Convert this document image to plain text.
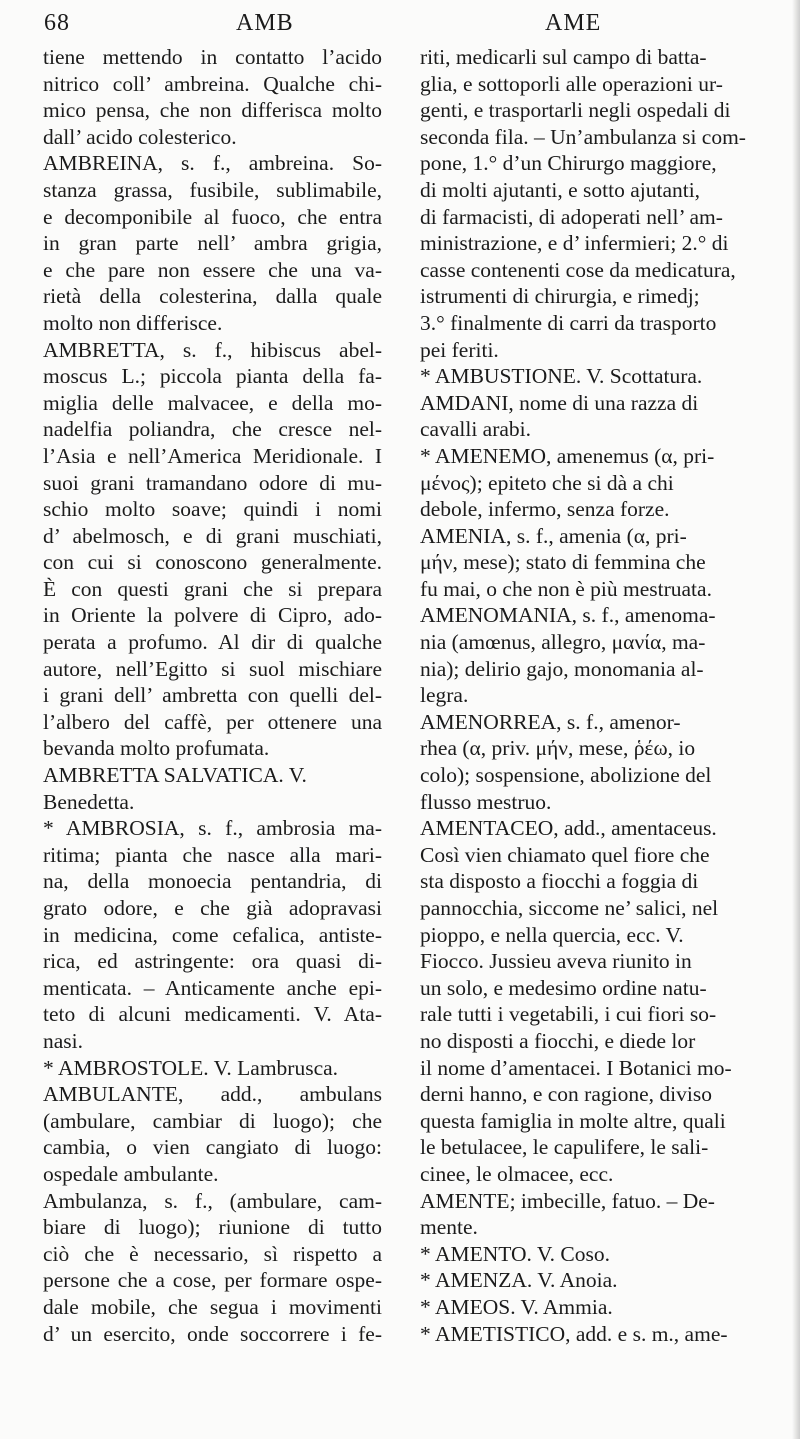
68	AMB	AME
tiene mettendo in contatto l’acido
nitrico coll’ ambreina. Qualche chi-
mico pensa, che non differisca molto
dall’ acido colesterico.
AMBREINA, s. f., ambreina. So-
stanza grassa, fusibile, sublimabile,
e decomponibile al fuoco, che entra
in gran parte nell’ ambra grigia,
e che pare non essere che una va-
rietà della colesterina, dalla quale
molto non differisce.
AMBRETTA, s. f., hibiscus abel-
moscus L.; piccola pianta della fa-
miglia delle malvacee, e della mo-
nadelfia poliandra, che cresce nel-
l’Asia e nell’America Meridionale. I
suoi grani tramandano odore di mu-
schio molto soave; quindi i nomi
d’ abelmosch, e di grani muschiati,
con cui si conoscono generalmente.
È con questi grani che si prepara
in Oriente la polvere di Cipro, ado-
perata a profumo. Al dir di qualche
autore, nell’Egitto si suol mischiare
i grani dell’ ambretta con quelli del-
l’albero del caffè, per ottenere una
bevanda molto profumata.
AMBRETTA SALVATICA. V.
Benedetta.
* AMBROSIA, s. f., ambrosia ma-
ritima; pianta che nasce alla mari-
na, della monoecia pentandria, di
grato odore, e che già adopravasi
in medicina, come cefalica, antiste-
rica, ed astringente: ora quasi di-
menticata. – Anticamente anche epi-
teto di alcuni medicamenti. V. Ata-
nasi.
* AMBROSTOLE. V. Lambrusca.
AMBULANTE, add., ambulans
(ambulare, cambiar di luogo); che
cambia, o vien cangiato di luogo:
ospedale ambulante.
Ambulanza, s. f., (ambulare, cam-
biare di luogo); riunione di tutto
ciò che è necessario, sì rispetto a
persone che a cose, per formare ospe-
dale mobile, che segua i movimenti
d’ un esercito, onde soccorrere i fe-
riti, medicarli sul campo di batta-
glia, e sottoporli alle operazioni ur-
genti, e trasportarli negli ospedali di
seconda fila. – Un’ambulanza si com-
pone, 1.° d’un Chirurgo maggiore,
di molti ajutanti, e sotto ajutanti,
di farmacisti, di adoperati nell’ am-
ministrazione, e d’ infermieri; 2.° di
casse contenenti cose da medicatura,
istrumenti di chirurgia, e rimedj;
3.° finalmente di carri da trasporto
pei feriti.
* AMBUSTIONE. V. Scottatura.
AMDANI, nome di una razza di
cavalli arabi.
* AMENEMO, amenemus (α, pri-
μένος); epiteto che si dà a chi
debole, infermo, senza forze.
AMENIA, s. f., amenia (α, pri-
μήν, mese); stato di femmina che
fu mai, o che non è più mestruata.
AMENOMANIA, s. f., amenoma-
nia (amœnus, allegro, μανία, ma-
nia); delirio gajo, monomania al-
legra.
AMENORREA, s. f., amenor-
rhea (α, priv. μήν, mese, ῥέω, io
colo); sospensione, abolizione del
flusso mestruo.
AMENTACEO, add., amentaceus.
Così vien chiamato quel fiore che
sta disposto a fiocchi a foggia di
pannocchia, siccome ne’ salici, nel
pioppo, e nella quercia, ecc. V.
Fiocco. Jussieu aveva riunito in
un solo, e medesimo ordine natu-
rale tutti i vegetabili, i cui fiori so-
no disposti a fiocchi, e diede lor
il nome d’amentacei. I Botanici mo-
derni hanno, e con ragione, diviso
questa famiglia in molte altre, quali
le betulacee, le capulifere, le sali-
cinee, le olmacee, ecc.
AMENTE; imbecille, fatuo. – De-
mente.
* AMENTO. V. Coso.
* AMENZA. V. Anoia.
* AMEOS. V. Ammia.
* AMETISTICO, add. e s. m., ame-
